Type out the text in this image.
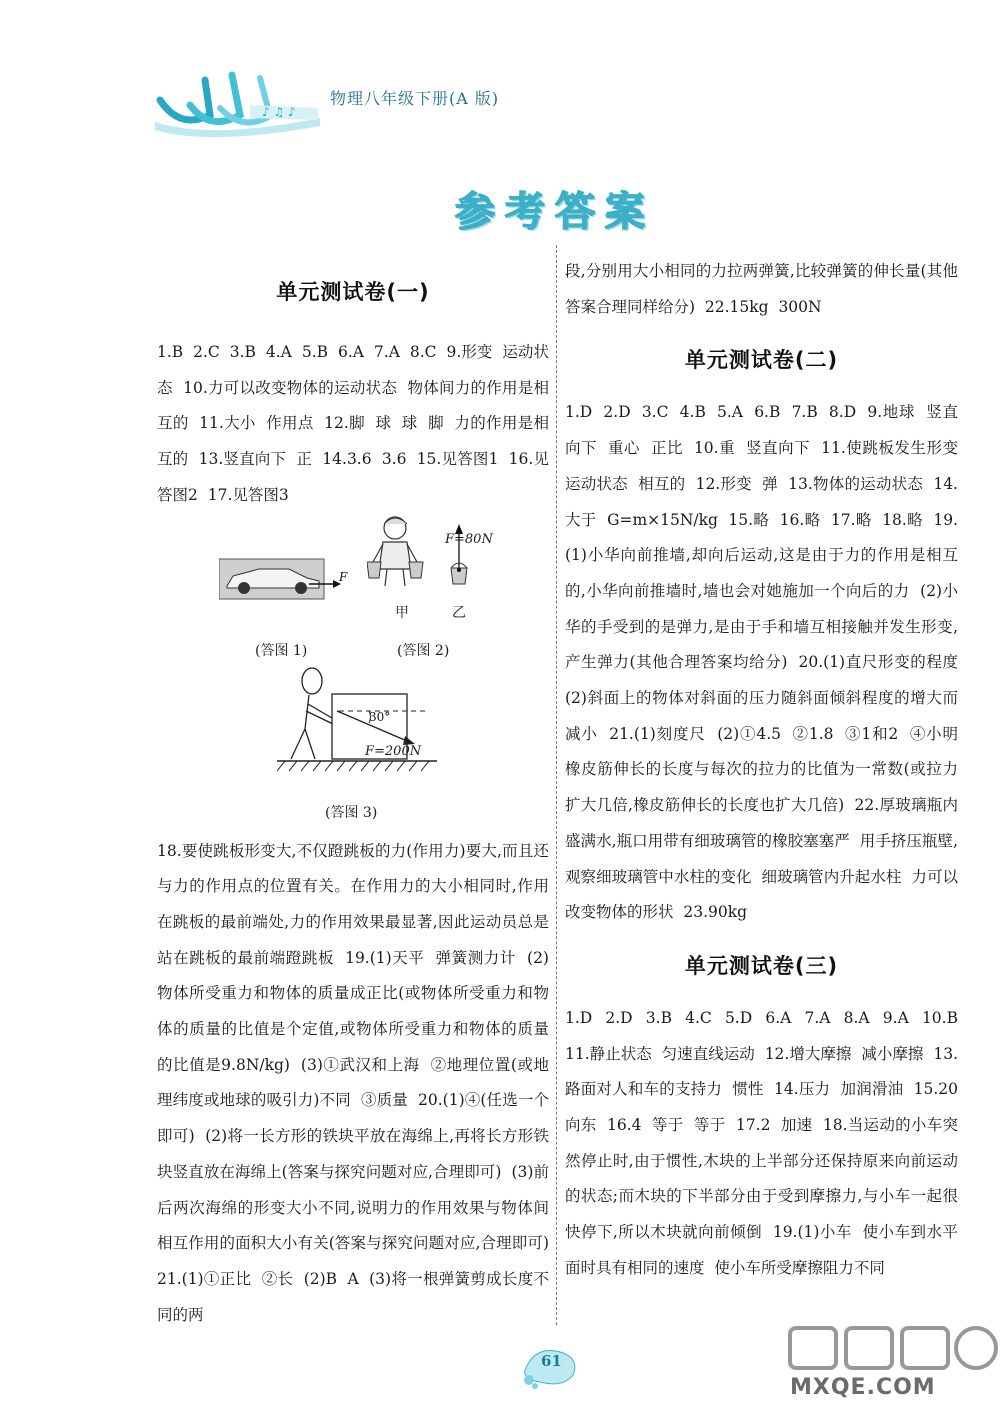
♪ ♫ ♪
物理八年级下册(A 版)
参考答案
单元测试卷(一)
1.B  2.C  3.B  4.A  5.B  6.A  7.A  8.C  9.形变  运动状态  10.力可以改变物体的运动状态  物体间力的作用是相互的  11.大小  作用点  12.脚  球  球  脚  力的作用是相互的  13.竖直向下  正  14.3.6  3.6  15.见答图1  16.见答图2  17.见答图3
F
F=80N
甲	乙
(答图 1)	(答图 2)
30°
F=200N
(答图 3)
18.要使跳板形变大,不仅蹬跳板的力(作用力)要大,而且还与力的作用点的位置有关。在作用力的大小相同时,作用在跳板的最前端处,力的作用效果最显著,因此运动员总是站在跳板的最前端蹬跳板  19.(1)天平  弹簧测力计  (2)物体所受重力和物体的质量成正比(或物体所受重力和物体的质量的比值是个定值,或物体所受重力和物体的质量的比值是9.8N/kg)  (3)①武汉和上海  ②地理位置(或地理纬度或地球的吸引力)不同  ③质量  20.(1)④(任选一个即可)  (2)将一长方形的铁块平放在海绵上,再将长方形铁块竖直放在海绵上(答案与探究问题对应,合理即可)  (3)前后两次海绵的形变大小不同,说明力的作用效果与物体间相互作用的面积大小有关(答案与探究问题对应,合理即可)  21.(1)①正比  ②长  (2)B  A  (3)将一根弹簧剪成长度不同的两
段,分别用大小相同的力拉两弹簧,比较弹簧的伸长量(其他答案合理同样给分)  22.15kg  300N
单元测试卷(二)
1.D  2.D  3.C  4.B  5.A  6.B  7.B  8.D  9.地球  竖直向下  重心  正比  10.重  竖直向下  11.使跳板发生形变  运动状态  相互的  12.形变  弹  13.物体的运动状态  14.大于  G=m×15N/kg  15.略  16.略  17.略  18.略  19.(1)小华向前推墙,却向后运动,这是由于力的作用是相互的,小华向前推墙时,墙也会对她施加一个向后的力  (2)小华的手受到的是弹力,是由于手和墙互相接触并发生形变,产生弹力(其他合理答案均给分)  20.(1)直尺形变的程度  (2)斜面上的物体对斜面的压力随斜面倾斜程度的增大而减小  21.(1)刻度尺  (2)①4.5  ②1.8  ③1和2  ④小明  橡皮筋伸长的长度与每次的拉力的比值为一常数(或拉力扩大几倍,橡皮筋伸长的长度也扩大几倍)  22.厚玻璃瓶内盛满水,瓶口用带有细玻璃管的橡胶塞塞严  用手挤压瓶壁,观察细玻璃管中水柱的变化  细玻璃管内升起水柱  力可以改变物体的形状  23.90kg
单元测试卷(三)
1.D  2.D  3.B  4.C  5.D  6.A  7.A  8.A  9.A  10.B  11.静止状态  匀速直线运动  12.增大摩擦  减小摩擦  13.路面对人和车的支持力  惯性  14.压力  加润滑油  15.20  向东  16.4  等于  等于  17.2  加速  18.当运动的小车突然停止时,由于惯性,木块的上半部分还保持原来向前运动的状态;而木块的下半部分由于受到摩擦力,与小车一起很快停下,所以木块就向前倾倒  19.(1)小车  使小车到水平面时具有相同的速度  使小车所受摩擦阻力不同
61
MXQE.COM
